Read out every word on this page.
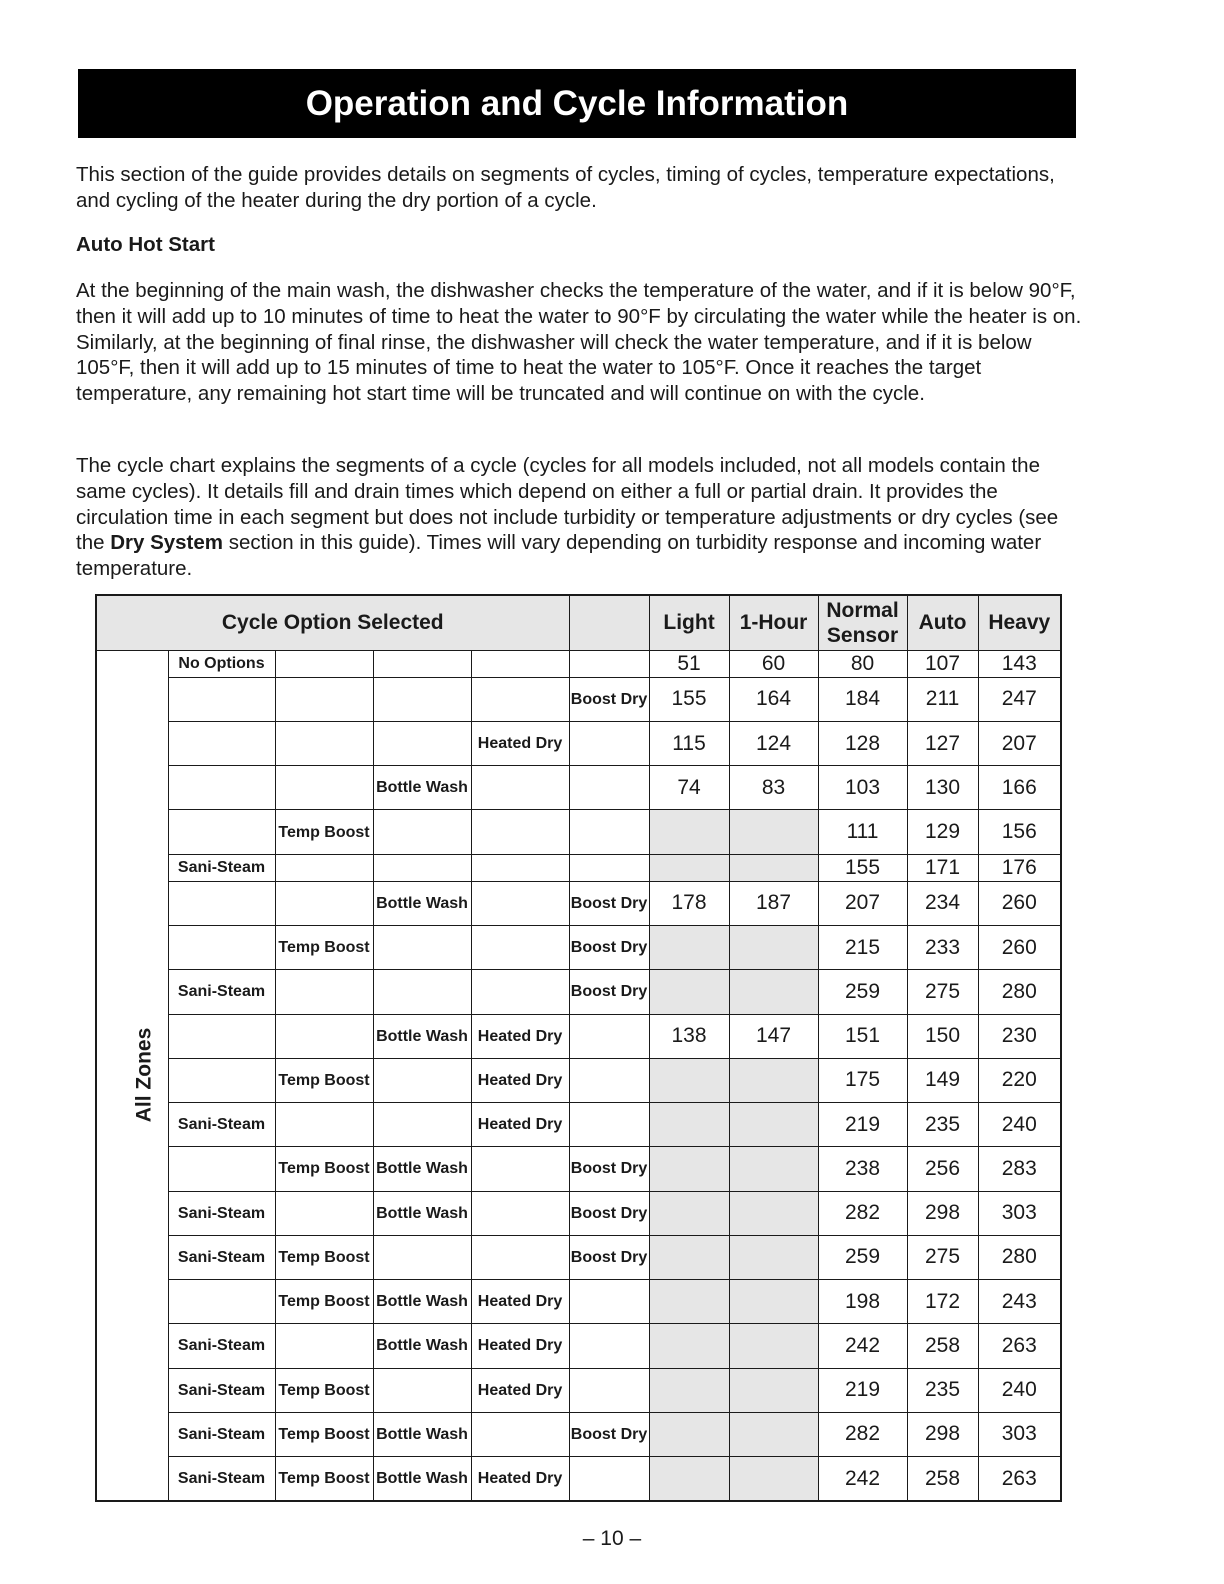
Operation and Cycle Information

This section of the guide provides details on segments of cycles, timing of cycles, temperature expectations, and cycling of the heater during the dry portion of a cycle.

Auto Hot Start

At the beginning of the main wash, the dishwasher checks the temperature of the water, and if it is below 90°F, then it will add up to 10 minutes of time to heat the water to 90°F by circulating the water while the heater is on. Similarly, at the beginning of final rinse, the dishwasher will check the water temperature, and if it is below 105°F, then it will add up to 15 minutes of time to heat the water to 105°F. Once it reaches the target temperature, any remaining hot start time will be truncated and will continue on with the cycle.

The cycle chart explains the segments of a cycle (cycles for all models included, not all models contain the same cycles). It details fill and drain times which depend on either a full or partial drain. It provides the circulation time in each segment but does not include turbidity or temperature adjustments or dry cycles (see the Dry System section in this guide). Times will vary depending on turbidity response and incoming water temperature.

Cycle Option Selected						Light	1-Hour	Normal Sensor	Auto	Heavy
All Zones	No Options					51	60	80	107	143
					Boost Dry	155	164	184	211	247
				Heated Dry		115	124	128	127	207
			Bottle Wash			74	83	103	130	166
		Temp Boost						111	129	156
	Sani-Steam							155	171	176
			Bottle Wash		Boost Dry	178	187	207	234	260
		Temp Boost			Boost Dry			215	233	260
	Sani-Steam				Boost Dry			259	275	280
			Bottle Wash	Heated Dry		138	147	151	150	230
		Temp Boost		Heated Dry				175	149	220
	Sani-Steam			Heated Dry				219	235	240
		Temp Boost	Bottle Wash		Boost Dry			238	256	283
	Sani-Steam		Bottle Wash		Boost Dry			282	298	303
	Sani-Steam	Temp Boost			Boost Dry			259	275	280
		Temp Boost	Bottle Wash	Heated Dry				198	172	243
	Sani-Steam		Bottle Wash	Heated Dry				242	258	263
	Sani-Steam	Temp Boost		Heated Dry				219	235	240
	Sani-Steam	Temp Boost	Bottle Wash		Boost Dry			282	298	303
	Sani-Steam	Temp Boost	Bottle Wash	Heated Dry				242	258	263
– 10 –
